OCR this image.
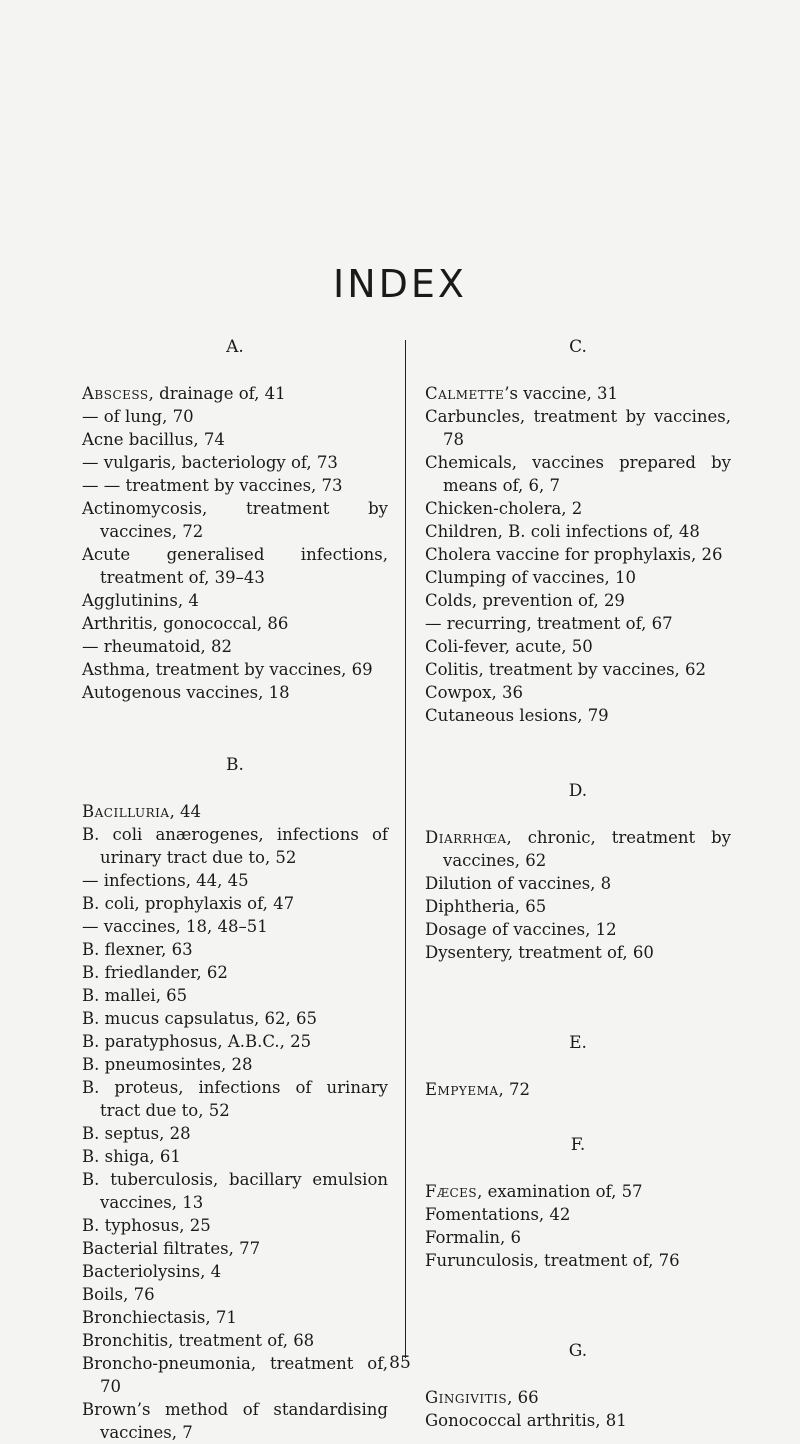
INDEX

A.

Abscess, drainage of, 41
— of lung, 70
Acne bacillus, 74
— vulgaris, bacteriology of, 73
— — treatment by vaccines, 73
Actinomycosis, treatment by vaccines, 72
Acute generalised infections, treatment of, 39–43
Agglutinins, 4
Arthritis, gonococcal, 86
— rheumatoid, 82
Asthma, treatment by vaccines, 69
Autogenous vaccines, 18

B.

Bacilluria, 44
B. coli anærogenes, infections of urinary tract due to, 52
— infections, 44, 45
B. coli, prophylaxis of, 47
— vaccines, 18, 48–51
B. flexner, 63
B. friedlander, 62
B. mallei, 65
B. mucus capsulatus, 62, 65
B. paratyphosus, A.B.C., 25
B. pneumosintes, 28
B. proteus, infections of urinary tract due to, 52
B. septus, 28
B. shiga, 61
B. tuberculosis, bacillary emulsion vaccines, 13
B. typhosus, 25
Bacterial filtrates, 77
Bacteriolysins, 4
Boils, 76
Bronchiectasis, 71
Bronchitis, treatment of, 68
Broncho-pneumonia, treatment of, 70
Brown’s method of standardising vaccines, 7

C.

Calmette’s vaccine, 31
Carbuncles, treatment by vaccines, 78
Chemicals, vaccines prepared by means of, 6, 7
Chicken-cholera, 2
Children, B. coli infections of, 48
Cholera vaccine for prophylaxis, 26
Clumping of vaccines, 10
Colds, prevention of, 29
— recurring, treatment of, 67
Coli-fever, acute, 50
Colitis, treatment by vaccines, 62
Cowpox, 36
Cutaneous lesions, 79

D.

Diarrhœa, chronic, treatment by vaccines, 62
Dilution of vaccines, 8
Diphtheria, 65
Dosage of vaccines, 12
Dysentery, treatment of, 60

E.

Empyema, 72

F.

Fæces, examination of, 57
Fomentations, 42
Formalin, 6
Furunculosis, treatment of, 76

G.

Gingivitis, 66
Gonococcal arthritis, 81
85
